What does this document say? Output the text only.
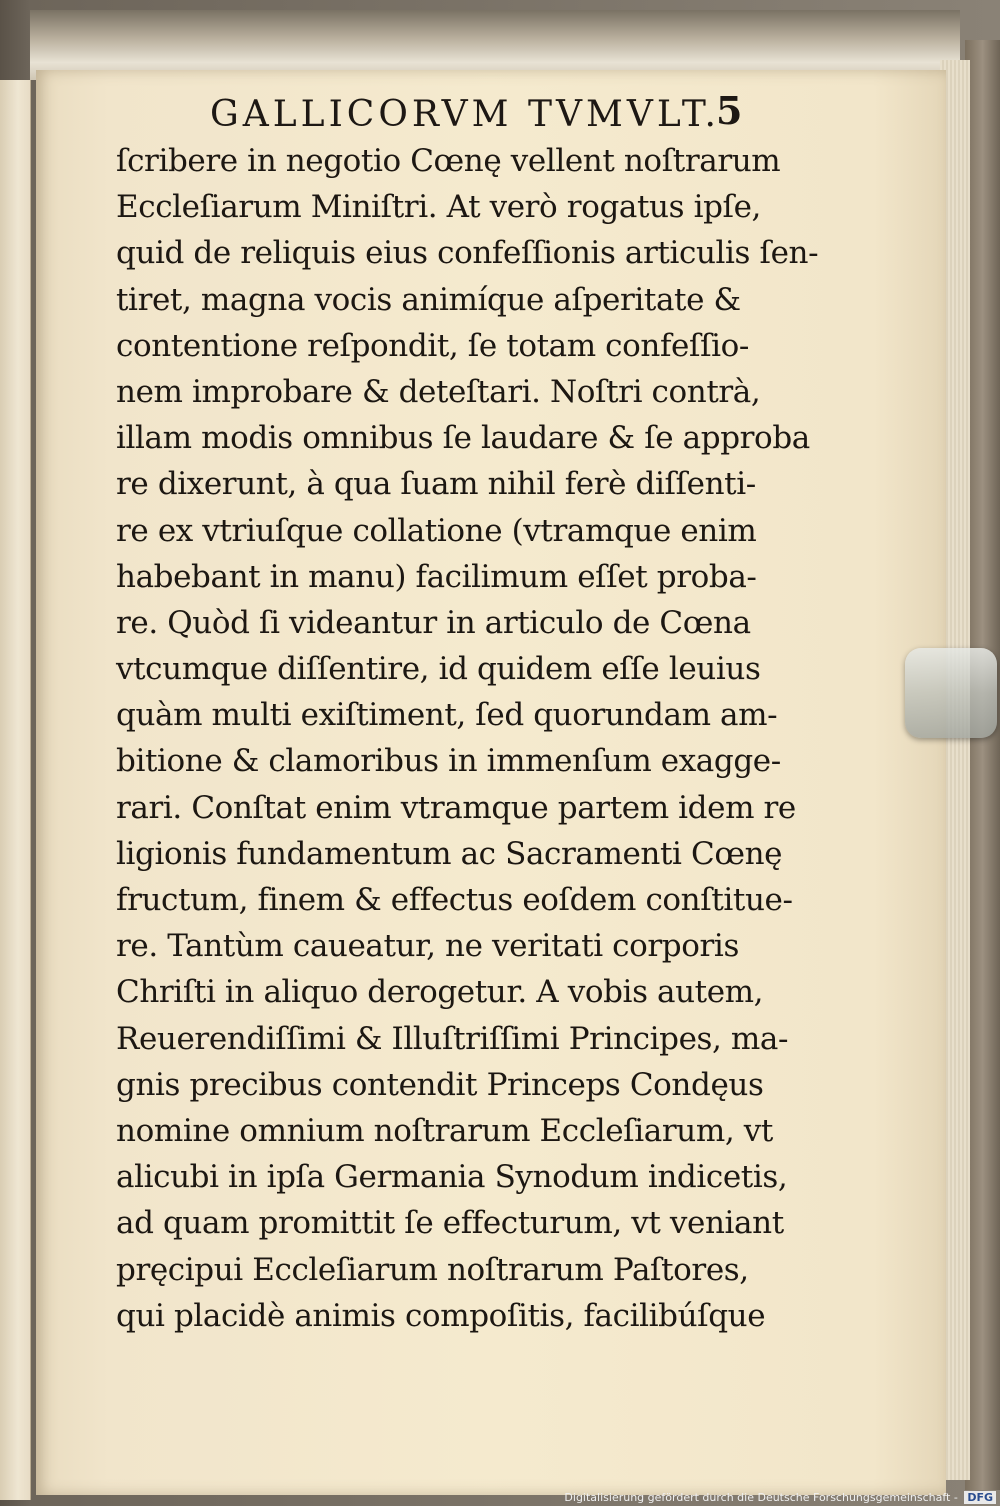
GALLICORVM TVMVLT.
5
ſcribere in negotio Cœnę vellent noſtrarum
Eccleſiarum Miniſtri. At verò rogatus ipſe,
quid de reliquis eius confeſſionis articulis ſen-
tiret, magna vocis animíque aſperitate &
contentione reſpondit, ſe totam confeſſio-
nem improbare & deteſtari. Noſtri contrà,
illam modis omnibus ſe laudare & ſe approba
re dixerunt, à qua ſuam nihil ferè diſſenti-
re ex vtriuſque collatione (vtramque enim
habebant in manu) facilimum eſſet proba-
re. Quòd ſi videantur in articulo de Cœna
vtcumque diſſentire, id quidem eſſe leuius
quàm multi exiſtiment, ſed quorundam am-
bitione & clamoribus in immenſum exagge-
rari. Conſtat enim vtramque partem idem re
ligionis fundamentum ac Sacramenti Cœnę
fructum, finem & effectus eoſdem conſtitue-
re. Tantùm caueatur, ne veritati corporis
Chriſti in aliquo derogetur. A vobis autem,
Reuerendiſſimi & Illuſtriſſimi Principes, ma-
gnis precibus contendit Princeps Condęus
nomine omnium noſtrarum Eccleſiarum, vt
alicubi in ipſa Germania Synodum indicetis,
ad quam promittit ſe effecturum, vt veniant
pręcipui Eccleſiarum noſtrarum Paſtores,
qui placidè animis compoſitis, facilibúſque
Digitalisierung gefördert durch die Deutsche Forschungsgemeinschaft - DFG
